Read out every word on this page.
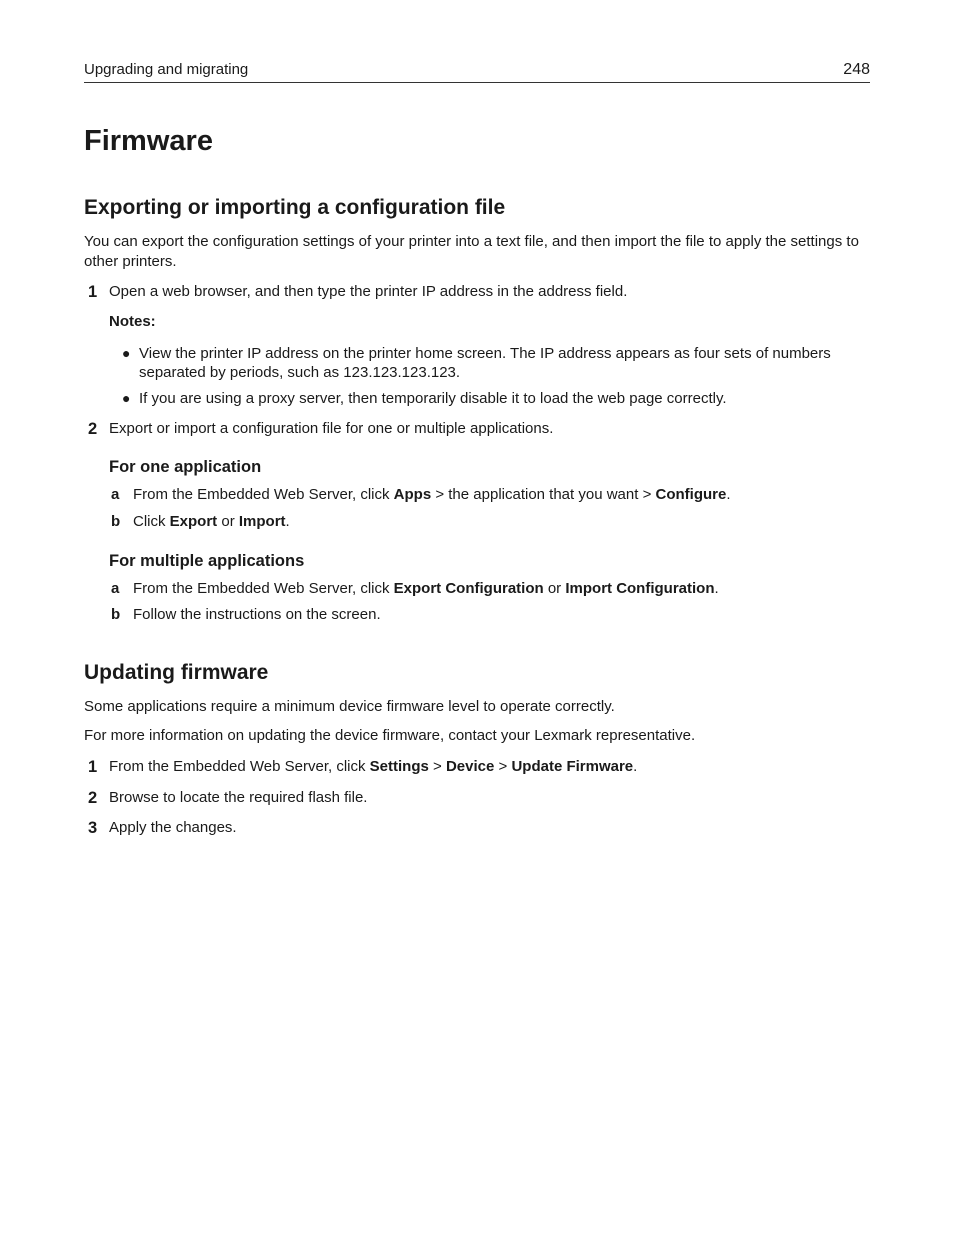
Upgrading and migrating	248
Firmware
Exporting or importing a configuration file

You can export the configuration settings of your printer into a text file, and then import the file to apply the settings to other printers.

1 Open a web browser, and then type the printer IP address in the address field.
Notes:
● View the printer IP address on the printer home screen. The IP address appears as four sets of numbers separated by periods, such as 123.123.123.123.
● If you are using a proxy server, then temporarily disable it to load the web page correctly.
2 Export or import a configuration file for one or multiple applications.
For one application
a From the Embedded Web Server, click Apps > the application that you want > Configure.
b Click Export or Import.
For multiple applications
a From the Embedded Web Server, click Export Configuration or Import Configuration.
b Follow the instructions on the screen.
Updating firmware

Some applications require a minimum device firmware level to operate correctly.

For more information on updating the device firmware, contact your Lexmark representative.

1 From the Embedded Web Server, click Settings > Device > Update Firmware.
2 Browse to locate the required flash file.
3 Apply the changes.
